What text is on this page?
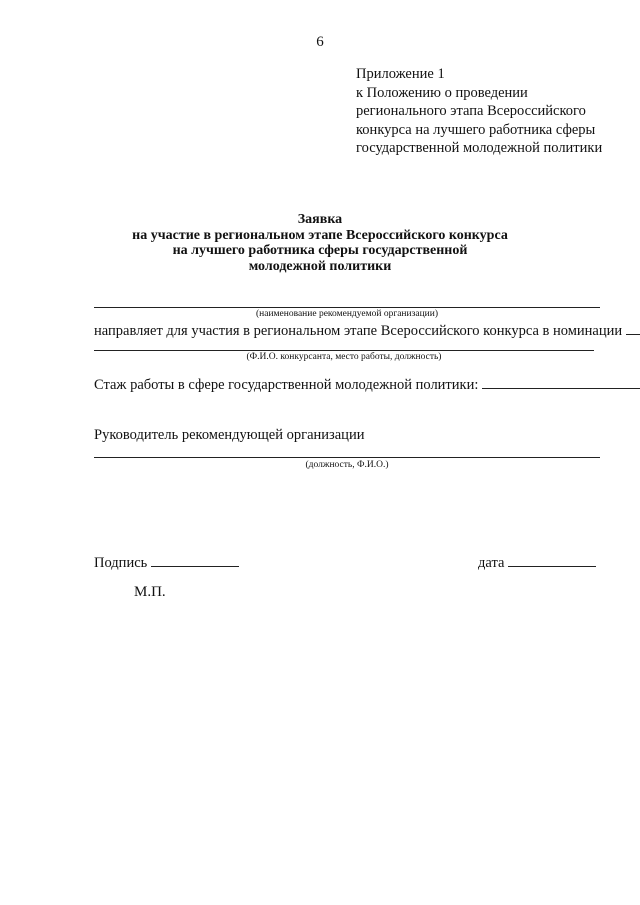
6
Приложение 1
к Положению о проведении
регионального этапа Всероссийского
конкурса на лучшего работника сферы
государственной молодежной политики
Заявка
на участие в региональном этапе Всероссийского конкурса
на лучшего работника сферы государственной
молодежной политики
(наименование рекомендуемой организации)
направляет для участия в региональном этапе Всероссийского конкурса в номинации
(Ф.И.О. конкурсанта, место работы, должность)
Стаж работы в сфере государственной молодежной политики:
Руководитель рекомендующей организации
(должность, Ф.И.О.)
Подпись	дата
М.П.
